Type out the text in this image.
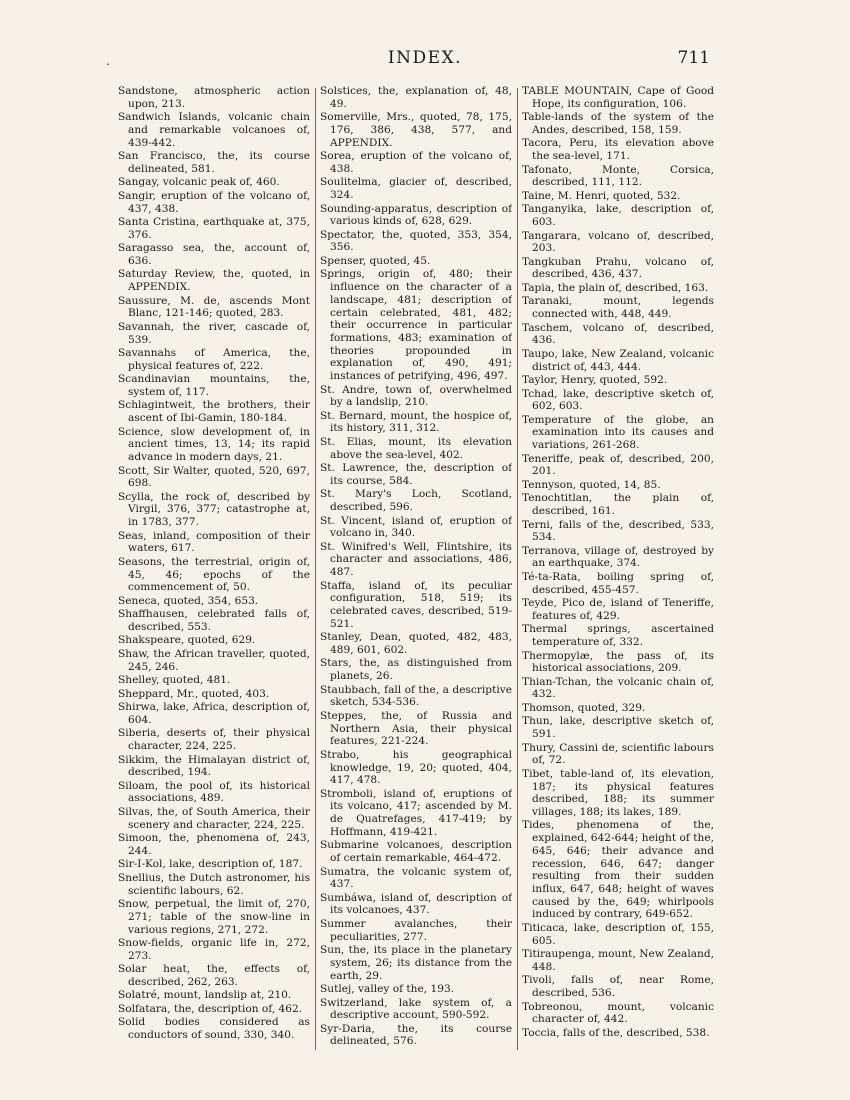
.	INDEX.	711

Sandstone, atmospheric action upon, 213.

Sandwich Islands, volcanic chain and remarkable volcanoes of, 439-442.

San Francisco, the, its course delineated, 581.

Sangay, volcanic peak of, 460.

Sangir, eruption of the volcano of, 437, 438.

Santa Cristina, earthquake at, 375, 376.

Saragasso sea, the, account of, 636.

Saturday Review, the, quoted, in APPENDIX.

Saussure, M. de, ascends Mont Blanc, 121-146; quoted, 283.

Savannah, the river, cascade of, 539.

Savannahs of America, the, physical features of, 222.

Scandinavian mountains, the, system of, 117.

Schlagintweit, the brothers, their ascent of Ibi-Gamin, 180-184.

Science, slow development of, in ancient times, 13, 14; its rapid advance in modern days, 21.

Scott, Sir Walter, quoted, 520, 697, 698.

Scylla, the rock of, described by Virgil, 376, 377; catastrophe at, in 1783, 377.

Seas, inland, composition of their waters, 617.

Seasons, the terrestrial, origin of, 45, 46; epochs of the commencement of, 50.

Seneca, quoted, 354, 653.

Shaffhausen, celebrated falls of, described, 553.

Shakspeare, quoted, 629.

Shaw, the African traveller, quoted, 245, 246.

Shelley, quoted, 481.

Sheppard, Mr., quoted, 403.

Shirwa, lake, Africa, description of, 604.

Siberia, deserts of, their physical character, 224, 225.

Sikkim, the Himalayan district of, described, 194.

Siloam, the pool of, its historical associations, 489.

Silvas, the, of South America, their scenery and character, 224, 225.

Simoon, the, phenomena of, 243, 244.

Sir-I-Kol, lake, description of, 187.

Snellius, the Dutch astronomer, his scientific labours, 62.

Snow, perpetual, the limit of, 270, 271; table of the snow-line in various regions, 271, 272.

Snow-fields, organic life in, 272, 273.

Solar heat, the, effects of, described, 262, 263.

Solatré, mount, landslip at, 210.

Solfatara, the, description of, 462.

Solid bodies considered as conductors of sound, 330, 340.

Solstices, the, explanation of, 48, 49.

Somerville, Mrs., quoted, 78, 175, 176, 386, 438, 577, and APPENDIX.

Sorea, eruption of the volcano of, 438.

Soulitelma, glacier of, described, 324.

Sounding-apparatus, description of various kinds of, 628, 629.

Spectator, the, quoted, 353, 354, 356.

Spenser, quoted, 45.

Springs, origin of, 480; their influence on the character of a landscape, 481; description of certain celebrated, 481, 482; their occurrence in particular formations, 483; examination of theories propounded in explanation of, 490, 491; instances of petrifying, 496, 497.

St. Andre, town of, overwhelmed by a landslip, 210.

St. Bernard, mount, the hospice of, its history, 311, 312.

St. Elias, mount, its elevation above the sea-level, 402.

St. Lawrence, the, description of its course, 584.

St. Mary's Loch, Scotland, described, 596.

St. Vincent, island of, eruption of volcano in, 340.

St. Winifred's Well, Flintshire, its character and associations, 486, 487.

Staffa, island of, its peculiar configuration, 518, 519; its celebrated caves, described, 519-521.

Stanley, Dean, quoted, 482, 483, 489, 601, 602.

Stars, the, as distinguished from planets, 26.

Staubbach, fall of the, a descriptive sketch, 534-536.

Steppes, the, of Russia and Northern Asia, their physical features, 221-224.

Strabo, his geographical knowledge, 19, 20; quoted, 404, 417, 478.

Stromboli, island of, eruptions of its volcano, 417; ascended by M. de Quatrefages, 417-419; by Hoffmann, 419-421.

Submarine volcanoes, description of certain remarkable, 464-472.

Sumatra, the volcanic system of, 437.

Sumbáwa, island of, description of its volcanoes, 437.

Summer avalanches, their peculiarities, 277.

Sun, the, its place in the planetary system, 26; its distance from the earth, 29.

Sutlej, valley of the, 193.

Switzerland, lake system of, a descriptive account, 590-592.

Syr-Daria, the, its course delineated, 576.

TABLE MOUNTAIN, Cape of Good Hope, its configuration, 106.

Table-lands of the system of the Andes, described, 158, 159.

Tacora, Peru, its elevation above the sea-level, 171.

Tafonato, Monte, Corsica, described, 111, 112.

Taine, M. Henri, quoted, 532.

Tanganyika, lake, description of, 603.

Tangarara, volcano of, described, 203.

Tangkuban Prahu, volcano of, described, 436, 437.

Tapia, the plain of, described, 163.

Taranaki, mount, legends connected with, 448, 449.

Taschem, volcano of, described, 436.

Taupo, lake, New Zealand, volcanic district of, 443, 444.

Taylor, Henry, quoted, 592.

Tchad, lake, descriptive sketch of, 602, 603.

Temperature of the globe, an examination into its causes and variations, 261-268.

Teneriffe, peak of, described, 200, 201.

Tennyson, quoted, 14, 85.

Tenochtitlan, the plain of, described, 161.

Terni, falls of the, described, 533, 534.

Terranova, village of, destroyed by an earthquake, 374.

Té-ta-Rata, boiling spring of, described, 455-457.

Teyde, Pico de, island of Teneriffe, features of, 429.

Thermal springs, ascertained temperature of, 332.

Thermopylæ, the pass of, its historical associations, 209.

Thian-Tchan, the volcanic chain of, 432.

Thomson, quoted, 329.

Thun, lake, descriptive sketch of, 591.

Thury, Cassini de, scientific labours of, 72.

Tibet, table-land of, its elevation, 187; its physical features described, 188; its summer villages, 188; its lakes, 189.

Tides, phenomena of the, explained, 642-644; height of the, 645, 646; their advance and recession, 646, 647; danger resulting from their sudden influx, 647, 648; height of waves caused by the, 649; whirlpools induced by contrary, 649-652.

Titicaca, lake, description of, 155, 605.

Titiraupenga, mount, New Zealand, 448.

Tivoli, falls of, near Rome, described, 536.

Tobreonou, mount, volcanic character of, 442.

Toccia, falls of the, described, 538.
